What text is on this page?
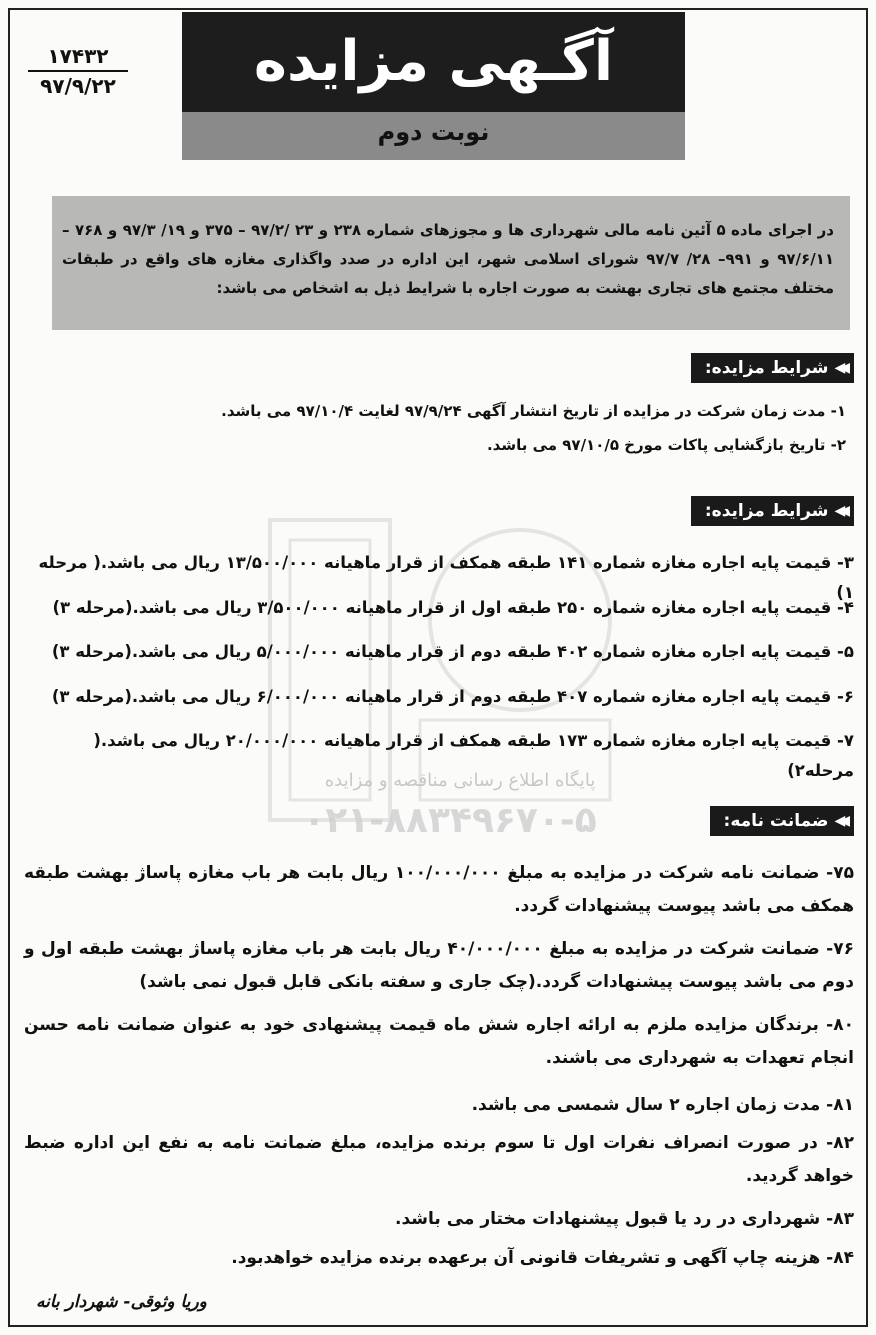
۱۷۴۳۲
۹۷/۹/۲۲	آگـهی مزایده
نوبت دوم
در اجرای ماده ۵ آئین نامه مالی شهرداری ها و مجوزهای شماره ۲۳۸ و ۲۳ /۹۷/۲ – ۳۷۵ و ۱۹/ ۹۷/۳ و ۷۶۸ – ۹۷/۶/۱۱ و ۹۹۱– ۲۸/ ۹۷/۷ شورای اسلامی شهر، این اداره در صدد واگذاری مغازه های واقع در طبقات مختلف مجتمع های تجاری بهشت به صورت اجاره با شرایط ذیل به اشخاص می باشد:
◀◀
شرایط مزایده:
۱- مدت زمان شرکت در مزایده از تاریخ انتشار آگهی ۹۷/۹/۲۴ لغایت ۹۷/۱۰/۴ می باشد.
۲- تاریخ بازگشایی پاکات مورخ ۹۷/۱۰/۵ می باشد.
◀◀
شرایط مزایده:
۳- قیمت پایه اجاره مغازه شماره ۱۴۱ طبقه همکف از قرار ماهیانه ۱۳/۵۰۰/۰۰۰ ریال می باشد.( مرحله ۱)
۴- قیمت پایه اجاره مغازه شماره ۲۵۰ طبقه اول از قرار ماهیانه ۳/۵۰۰/۰۰۰ ریال می باشد.(مرحله ۳)
۵- قیمت پایه اجاره مغازه شماره ۴۰۲ طبقه دوم از قرار ماهیانه ۵/۰۰۰/۰۰۰ ریال می باشد.(مرحله ۳)
۶- قیمت پایه اجاره مغازه شماره ۴۰۷ طبقه دوم از قرار ماهیانه ۶/۰۰۰/۰۰۰ ریال می باشد.(مرحله ۳)
۷- قیمت پایه اجاره مغازه شماره ۱۷۳ طبقه همکف از قرار ماهیانه ۲۰/۰۰۰/۰۰۰ ریال می باشد.( مرحله۲)
پایگاه اطلاع رسانی مناقصه و مزایده
۰۲۱-۸۸۳۴۹۶۷۰-۵	◀◀
ضمانت نامه:
۷۵- ضمانت نامه شرکت در مزایده به مبلغ ۱۰۰/۰۰۰/۰۰۰ ریال بابت هر باب مغازه پاساژ بهشت طبقه همکف می باشد پیوست پیشنهادات گردد.
۷۶- ضمانت شرکت در مزایده به مبلغ ۴۰/۰۰۰/۰۰۰ ریال بابت هر باب مغازه پاساژ بهشت طبقه اول و دوم می باشد پیوست پیشنهادات گردد.(چک جاری و سفته بانکی قابل قبول نمی باشد)
۸۰- برندگان مزایده ملزم به ارائه اجاره شش ماه قیمت پیشنهادی خود به عنوان ضمانت نامه حسن انجام تعهدات به شهرداری می باشند.
۸۱- مدت زمان اجاره ۲ سال شمسی می باشد.
۸۲- در صورت انصراف نفرات اول تا سوم برنده مزایده، مبلغ ضمانت نامه به نفع این اداره ضبط خواهد گردید.
۸۳- شهرداری در رد یا قبول پیشنهادات مختار می باشد.
۸۴- هزینه چاپ آگهی و تشریفات قانونی آن برعهده برنده مزایده خواهدبود.
وریا وثوقی- شهردار بانه
